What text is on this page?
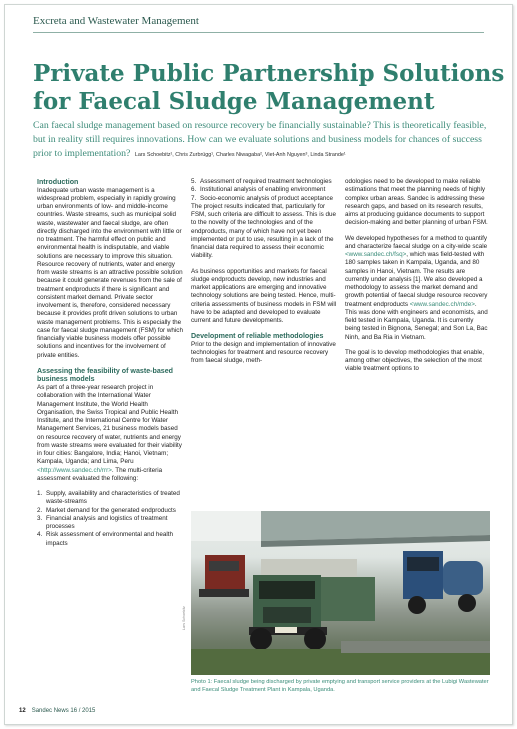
Excreta and Wastewater Management
Private Public Partnership Solutions
for Faecal Sludge Management

Can faecal sludge management based on resource recovery be financially sustainable? This is theoretically feasible, but in reality still requires innovations. How can we evaluate solutions and business models for chances of success prior to implementation? Lars Schoebitz¹, Chris Zurbrügg¹, Charles Niwagaba², Viet-Anh Nguyen³, Linda Strande¹

Introduction

Inadequate urban waste management is a widespread problem, especially in rapidly growing urban environments of low- and middle-income countries. Waste streams, such as municipal solid waste, wastewater and faecal sludge, are often directly discharged into the environment with little or no treatment. The harmful effect on public and environmental health is indisputable, and viable solutions are necessary to improve this situation. Resource recovery of nutrients, water and energy from waste streams is an attractive possible solution because it could generate revenues from the sale of treatment endproducts if there is significant and consistent market demand. Private sector involvement is, therefore, considered necessary because it provides profit driven solutions to urban waste management problems. This is especially the case for faecal sludge management (FSM) for which financially viable business models offer possible solutions and incentives for the involvement of private entities.

Assessing the feasibility of waste-based business models

As part of a three-year research project in collaboration with the International Water Management Institute, the World Health Organisation, the Swiss Tropical and Public Health Institute, and the International Centre for Water Management Services, 21 business models based on resource recovery of water, nutrients and energy from waste streams were evaluated for their viability in four cities: Bangalore, India; Hanoi, Vietnam; Kampala, Uganda; and Lima, Peru <http://www.sandec.ch/rrr>. The multi-criteria assessment evaluated the following:

1. Supply, availability and characteristics of treated waste-streams
2. Market demand for the generated endproducts
3. Financial analysis and logistics of treatment processes
4. Risk assessment of environmental and health impacts
5. Assessment of required treatment technologies
6. Institutional analysis of enabling environment
7. Socio-economic analysis of product acceptance

The project results indicated that, particularly for FSM, such criteria are difficult to assess. This is due to the novelty of the technologies and of the endproducts, many of which have not yet been implemented or put to use, resulting in a lack of the financial data required to assess their economic viability.

As business opportunities and markets for faecal sludge endproducts develop, new industries and market applications are emerging and innovative technology solutions are being tested. Hence, multi-criteria assessments of business models in FSM will have to be adapted and developed to evaluate current and future developments.

Development of reliable methodologies

Prior to the design and implementation of innovative technologies for treatment and resource recovery from faecal sludge, meth-

odologies need to be developed to make reliable estimations that meet the planning needs of highly complex urban areas. Sandec is addressing these research gaps, and based on its research results, aims at producing guidance documents to support decision-making and better planning of urban FSM.

We developed hypotheses for a method to quantify and characterize faecal sludge on a city-wide scale <www.sandec.ch/fsq>, which was field-tested with 180 samples taken in Kampala, Uganda, and 80 samples in Hanoi, Vietnam. The results are currently under analysis [1]. We also developed a methodology to assess the market demand and growth potential of faecal sludge resource recovery treatment endproducts <www.sandec.ch/mde>. This was done with engineers and economists, and field tested in Kampala, Uganda. It is currently being tested in Bignona, Senegal; and Son La, Bac Ninh, and Ba Ria in Vietnam.

The goal is to develop methodologies that enable, among other objectives, the selection of the most viable treatment options to

Lars Schoebitz

Photo 1: Faecal sludge being discharged by private emptying and transport service providers at the Lubigi Wastewater and Faecal Sludge Treatment Plant in Kampala, Uganda.

12 Sandec News 16 / 2015
